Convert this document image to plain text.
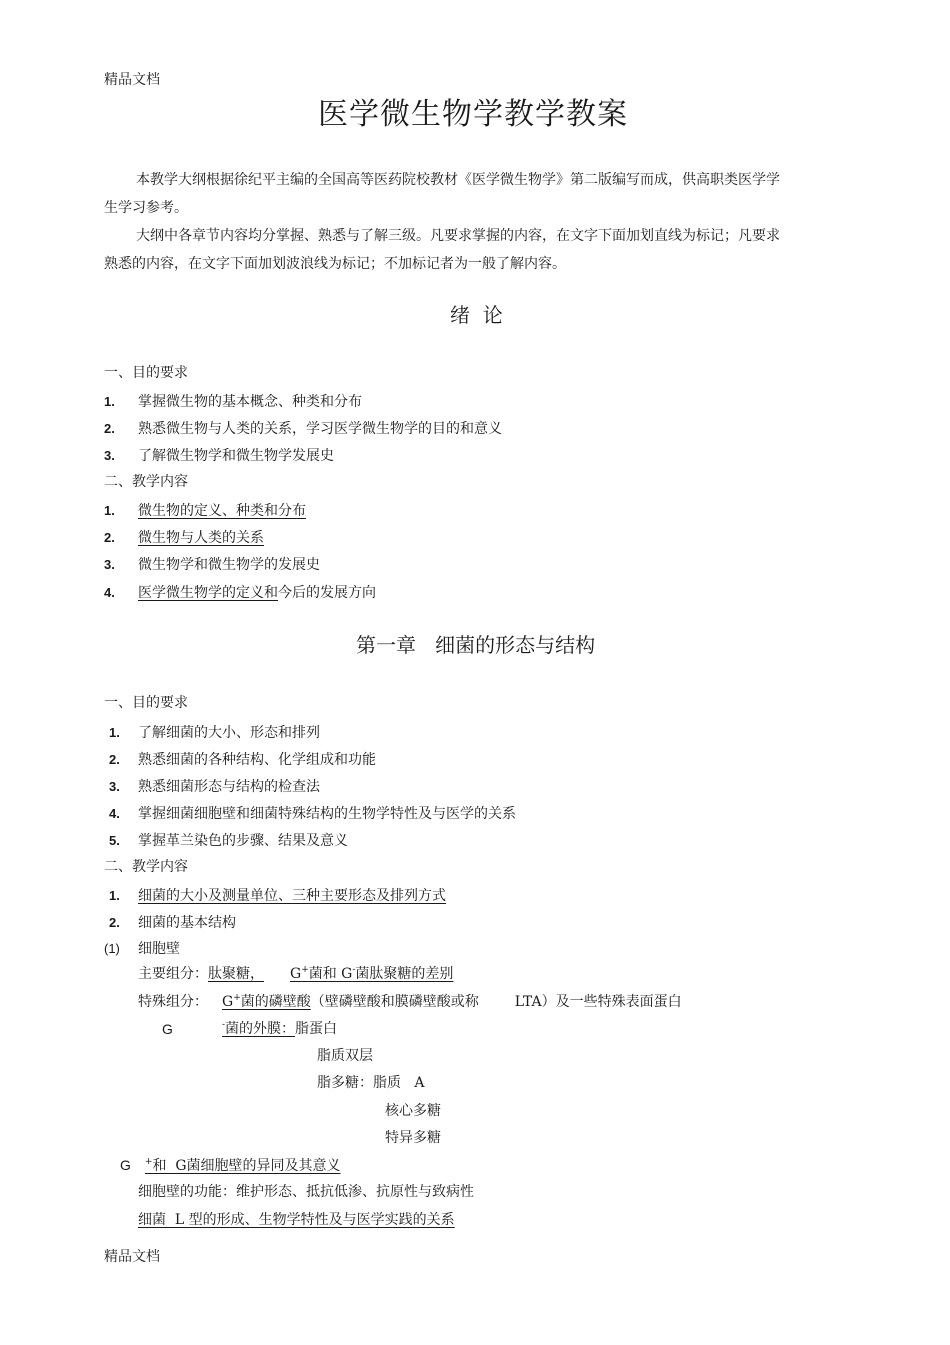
精品文档
医学微生物学教学教案
本教学大纲根据徐纪平主编的全国高等医药院校教材《医学微生物学》第二版编写而成，供高职类医学学生学习参考。
大纲中各章节内容均分掌握、熟悉与了解三级。凡要求掌握的内容，在文字下面加划直线为标记；凡要求熟悉的内容，在文字下面加划波浪线为标记；不加标记者为一般了解内容。
绪  论
一、目的要求
1. 掌握微生物的基本概念、种类和分布
2. 熟悉微生物与人类的关系，学习医学微生物学的目的和意义
3. 了解微生物学和微生物学发展史
二、教学内容
1. 微生物的定义、种类和分布
2. 微生物与人类的关系
3. 微生物学和微生物学的发展史
4. 医学微生物学的定义和今后的发展方向
第一章   细菌的形态与结构
一、目的要求
1. 了解细菌的大小、形态和排列
2. 熟悉细菌的各种结构、化学组成和功能
3. 熟悉细菌形态与结构的检查法
4. 掌握细菌细胞壁和细菌特殊结构的生物学特性及与医学的关系
5. 掌握革兰染色的步骤、结果及意义
二、教学内容
1. 细菌的大小及测量单位、三种主要形态及排列方式
2. 细菌的基本结构
(1) 细胞壁
主要组分：肽聚糖， G+菌和 G-菌肽聚糖的差别
特殊组分： G+菌的磷壁酸（壁磷壁酸和膜磷壁酸或称	LTA）及一些特殊表面蛋白
G	-菌的外膜：脂蛋白
脂质双层
脂多糖：脂质   A
核心多糖
特异多糖
G +和  G菌细胞壁的异同及其意义
细胞壁的功能：维护形态、抵抗低渗、抗原性与致病性
细菌  L 型的形成、生物学特性及与医学实践的关系
精品文档
